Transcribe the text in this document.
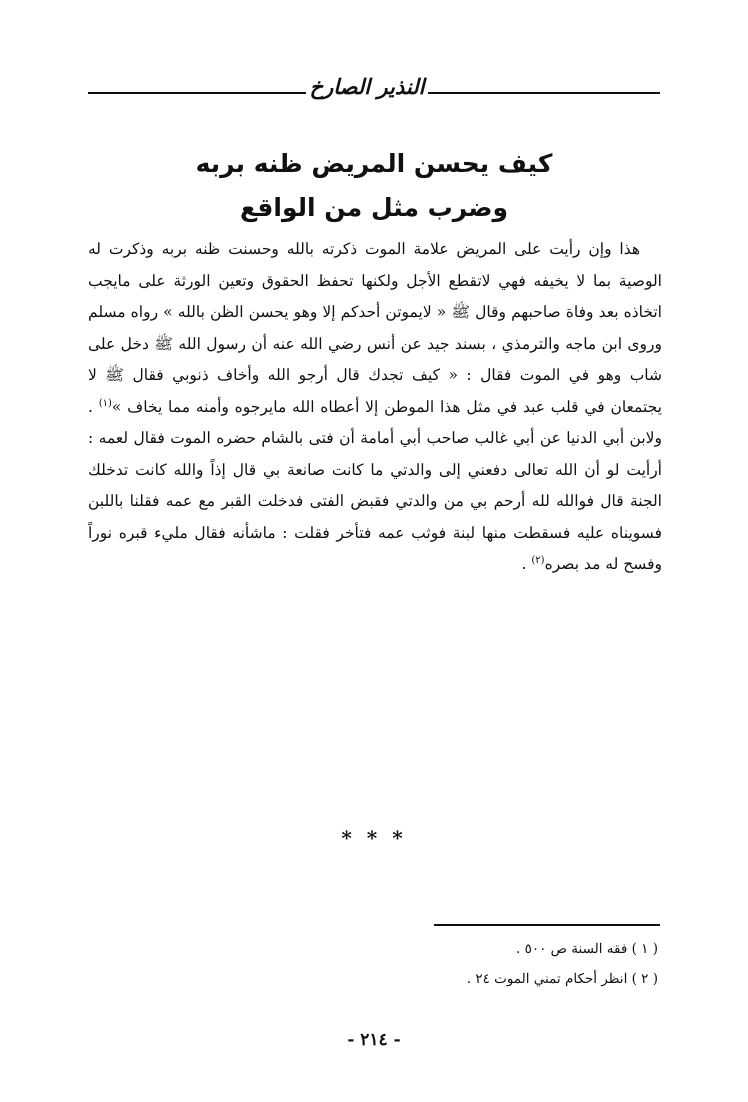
النذير الصارخ
كيف يحسن المريض ظنه بربه
وضرب مثل من الواقع

هذا وإن رأيت على المريض علامة الموت ذكرته بالله وحسنت ظنه بربه وذكرت له الوصية بما لا يخيفه فهي لاتقطع الأجل ولكنها تحفظ الحقوق وتعين الورثة على مايجب اتخاذه بعد وفاة صاحبهم وقال ﷺ « لايموتن أحدكم إلا وهو يحسن الظن بالله » رواه مسلم وروى ابن ماجه والترمذي ، بسند جيد عن أنس رضي الله عنه أن رسول الله ﷺ دخل على شاب وهو في الموت فقال : « كيف تجدك قال أرجو الله وأخاف ذنوبي فقال ﷺ لا يجتمعان في قلب عبد في مثل هذا الموطن إلا أعطاه الله مايرجوه وأمنه مما يخاف »$^{(١)}$ . ولابن أبي الدنيا عن أبي غالب صاحب أبي أمامة أن فتى بالشام حضره الموت فقال لعمه : أرأيت لو أن الله تعالى دفعني إلى والدتي ما كانت صانعة بي قال إذاً والله كانت تدخلك الجنة قال فوالله لله أرحم بي من والدتي فقبض الفتى فدخلت القبر مع عمه فقلنا باللبن فسويناه عليه فسقطت منها لبنة فوثب عمه فتأخر فقلت : ماشأنه فقال مليء قبره نوراً وفسح له مد بصره$^{(٢)}$ .

* * *
( ١ ) فقه السنة ص ٥٠٠ .
( ٢ ) انظر أحكام تمني الموت ٢٤ .
- ٢١٤ -
